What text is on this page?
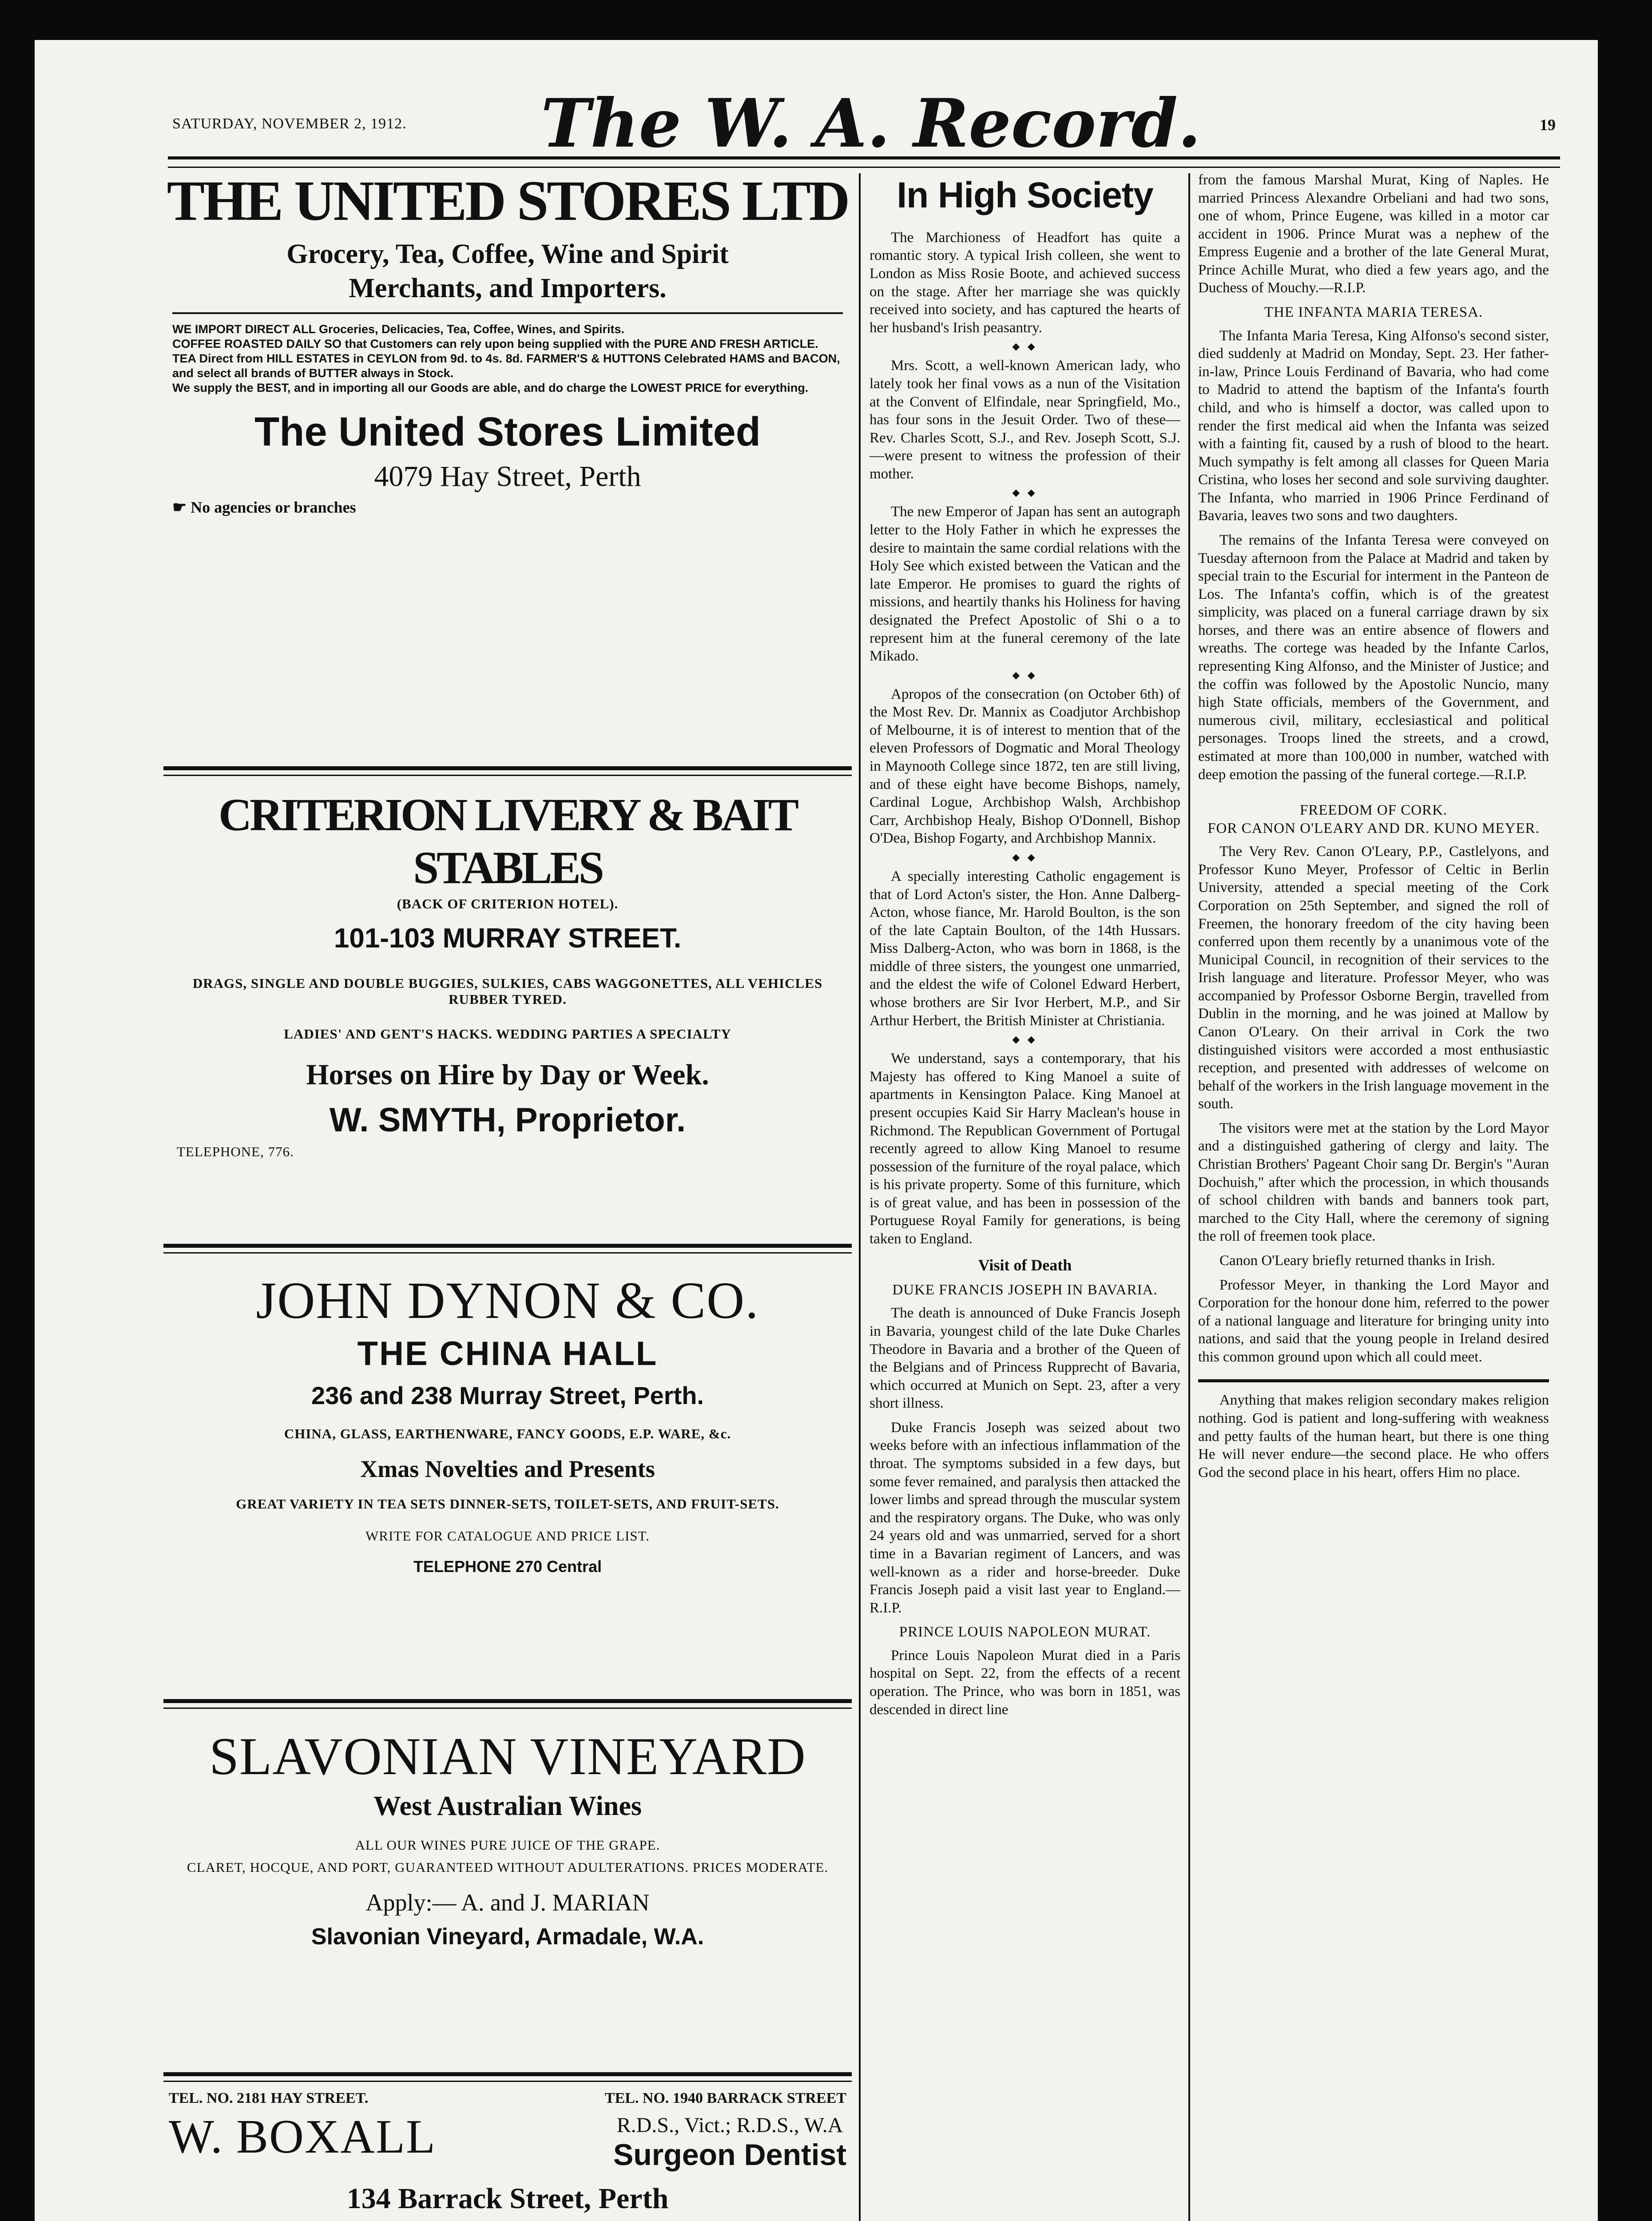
SATURDAY, NOVEMBER 2, 1912. The W. A. Record.	19
THE UNITED STORES LTD
Grocery, Tea, Coffee, Wine and Spirit
Merchants, and Importers.
WE IMPORT DIRECT ALL Groceries, Delicacies, Tea, Coffee, Wines, and Spirits.
COFFEE ROASTED DAILY SO that Customers can rely upon being supplied with the PURE AND FRESH ARTICLE.
TEA Direct from HILL ESTATES in CEYLON from 9d. to 4s. 8d. FARMER'S & HUTTONS Celebrated HAMS and BACON, and select all brands of BUTTER always in Stock.
We supply the BEST, and in importing all our Goods are able, and do charge the LOWEST PRICE for everything.
The United Stores Limited
4079 Hay Street, Perth
☛ No agencies or branches
CRITERION LIVERY & BAIT STABLES
(BACK OF CRITERION HOTEL).
101-103 MURRAY STREET.
DRAGS, SINGLE AND DOUBLE BUGGIES, SULKIES, CABS WAGGONETTES, ALL VEHICLES RUBBER TYRED.
LADIES' AND GENT'S HACKS. WEDDING PARTIES A SPECIALTY
Horses on Hire by Day or Week.
W. SMYTH, Proprietor.
TELEPHONE, 776.
JOHN DYNON & CO.
THE CHINA HALL
236 and 238 Murray Street, Perth.
CHINA, GLASS, EARTHENWARE, FANCY GOODS, E.P. WARE, &c.
Xmas Novelties and Presents
GREAT VARIETY IN TEA SETS DINNER-SETS, TOILET-SETS, AND FRUIT-SETS.
WRITE FOR CATALOGUE AND PRICE LIST.
TELEPHONE 270 Central
SLAVONIAN VINEYARD
West Australian Wines
ALL OUR WINES PURE JUICE OF THE GRAPE.
CLARET, HOCQUE, AND PORT, GUARANTEED WITHOUT ADULTERATIONS. PRICES MODERATE.
Apply:— A. and J. MARIAN
Slavonian Vineyard, Armadale, W.A.
TEL. NO. 2181 HAY STREET.	TEL. NO. 1940 BARRACK STREET
W. BOXALL	R.D.S., Vict.; R.D.S., W.A
Surgeon Dentist
134 Barrack Street, Perth
In High Society

The Marchioness of Headfort has quite a romantic story. A typical Irish colleen, she went to London as Miss Rosie Boote, and achieved success on the stage. After her marriage she was quickly received into society, and has captured the hearts of her husband's Irish peasantry.

◆ ◆

Mrs. Scott, a well-known American lady, who lately took her final vows as a nun of the Visitation at the Convent of Elfindale, near Springfield, Mo., has four sons in the Jesuit Order. Two of these—Rev. Charles Scott, S.J., and Rev. Joseph Scott, S.J.—were present to witness the profession of their mother.

◆ ◆

The new Emperor of Japan has sent an autograph letter to the Holy Father in which he expresses the desire to maintain the same cordial relations with the Holy See which existed between the Vatican and the late Emperor. He promises to guard the rights of missions, and heartily thanks his Holiness for having designated the Prefect Apostolic of Shi o a to represent him at the funeral ceremony of the late Mikado.

◆ ◆

Apropos of the consecration (on October 6th) of the Most Rev. Dr. Mannix as Coadjutor Archbishop of Melbourne, it is of interest to mention that of the eleven Professors of Dogmatic and Moral Theology in Maynooth College since 1872, ten are still living, and of these eight have become Bishops, namely, Cardinal Logue, Archbishop Walsh, Archbishop Carr, Archbishop Healy, Bishop O'Donnell, Bishop O'Dea, Bishop Fogarty, and Archbishop Mannix.

◆ ◆

A specially interesting Catholic engagement is that of Lord Acton's sister, the Hon. Anne Dalberg-Acton, whose fiance, Mr. Harold Boulton, is the son of the late Captain Boulton, of the 14th Hussars. Miss Dalberg-Acton, who was born in 1868, is the middle of three sisters, the youngest one unmarried, and the eldest the wife of Colonel Edward Herbert, whose brothers are Sir Ivor Herbert, M.P., and Sir Arthur Herbert, the British Minister at Christiania.

◆ ◆

We understand, says a contemporary, that his Majesty has offered to King Manoel a suite of apartments in Kensington Palace. King Manoel at present occupies Kaid Sir Harry Maclean's house in Richmond. The Republican Government of Portugal recently agreed to allow King Manoel to resume possession of the furniture of the royal palace, which is his private property. Some of this furniture, which is of great value, and has been in possession of the Portuguese Royal Family for generations, is being taken to England.

Visit of Death
DUKE FRANCIS JOSEPH IN BAVARIA.

The death is announced of Duke Francis Joseph in Bavaria, youngest child of the late Duke Charles Theodore in Bavaria and a brother of the Queen of the Belgians and of Princess Rupprecht of Bavaria, which occurred at Munich on Sept. 23, after a very short illness.

Duke Francis Joseph was seized about two weeks before with an infectious inflammation of the throat. The symptoms subsided in a few days, but some fever remained, and paralysis then attacked the lower limbs and spread through the muscular system and the respiratory organs. The Duke, who was only 24 years old and was unmarried, served for a short time in a Bavarian regiment of Lancers, and was well-known as a rider and horse-breeder. Duke Francis Joseph paid a visit last year to England.—R.I.P.

PRINCE LOUIS NAPOLEON MURAT.

Prince Louis Napoleon Murat died in a Paris hospital on Sept. 22, from the effects of a recent operation. The Prince, who was born in 1851, was descended in direct line

from the famous Marshal Murat, King of Naples. He married Princess Alexandre Orbeliani and had two sons, one of whom, Prince Eugene, was killed in a motor car accident in 1906. Prince Murat was a nephew of the Empress Eugenie and a brother of the late General Murat, Prince Achille Murat, who died a few years ago, and the Duchess of Mouchy.—R.I.P.

THE INFANTA MARIA TERESA.

The Infanta Maria Teresa, King Alfonso's second sister, died suddenly at Madrid on Monday, Sept. 23. Her father-in-law, Prince Louis Ferdinand of Bavaria, who had come to Madrid to attend the baptism of the Infanta's fourth child, and who is himself a doctor, was called upon to render the first medical aid when the Infanta was seized with a fainting fit, caused by a rush of blood to the heart. Much sympathy is felt among all classes for Queen Maria Cristina, who loses her second and sole surviving daughter. The Infanta, who married in 1906 Prince Ferdinand of Bavaria, leaves two sons and two daughters.

The remains of the Infanta Teresa were conveyed on Tuesday afternoon from the Palace at Madrid and taken by special train to the Escurial for interment in the Panteon de Los. The Infanta's coffin, which is of the greatest simplicity, was placed on a funeral carriage drawn by six horses, and there was an entire absence of flowers and wreaths. The cortege was headed by the Infante Carlos, representing King Alfonso, and the Minister of Justice; and the coffin was followed by the Apostolic Nuncio, many high State officials, members of the Government, and numerous civil, military, ecclesiastical and political personages. Troops lined the streets, and a crowd, estimated at more than 100,000 in number, watched with deep emotion the passing of the funeral cortege.—R.I.P.

FREEDOM OF CORK.
FOR CANON O'LEARY AND DR. KUNO MEYER.

The Very Rev. Canon O'Leary, P.P., Castlelyons, and Professor Kuno Meyer, Professor of Celtic in Berlin University, attended a special meeting of the Cork Corporation on 25th September, and signed the roll of Freemen, the honorary freedom of the city having been conferred upon them recently by a unanimous vote of the Municipal Council, in recognition of their services to the Irish language and literature. Professor Meyer, who was accompanied by Professor Osborne Bergin, travelled from Dublin in the morning, and he was joined at Mallow by Canon O'Leary. On their arrival in Cork the two distinguished visitors were accorded a most enthusiastic reception, and presented with addresses of welcome on behalf of the workers in the Irish language movement in the south.

The visitors were met at the station by the Lord Mayor and a distinguished gathering of clergy and laity. The Christian Brothers' Pageant Choir sang Dr. Bergin's "Auran Dochuish," after which the procession, in which thousands of school children with bands and banners took part, marched to the City Hall, where the ceremony of signing the roll of freemen took place.

Canon O'Leary briefly returned thanks in Irish.

Professor Meyer, in thanking the Lord Mayor and Corporation for the honour done him, referred to the power of a national language and literature for bringing unity into nations, and said that the young people in Ireland desired this common ground upon which all could meet.

Anything that makes religion secondary makes religion nothing. God is patient and long-suffering with weakness and petty faults of the human heart, but there is one thing He will never endure—the second place. He who offers God the second place in his heart, offers Him no place.
